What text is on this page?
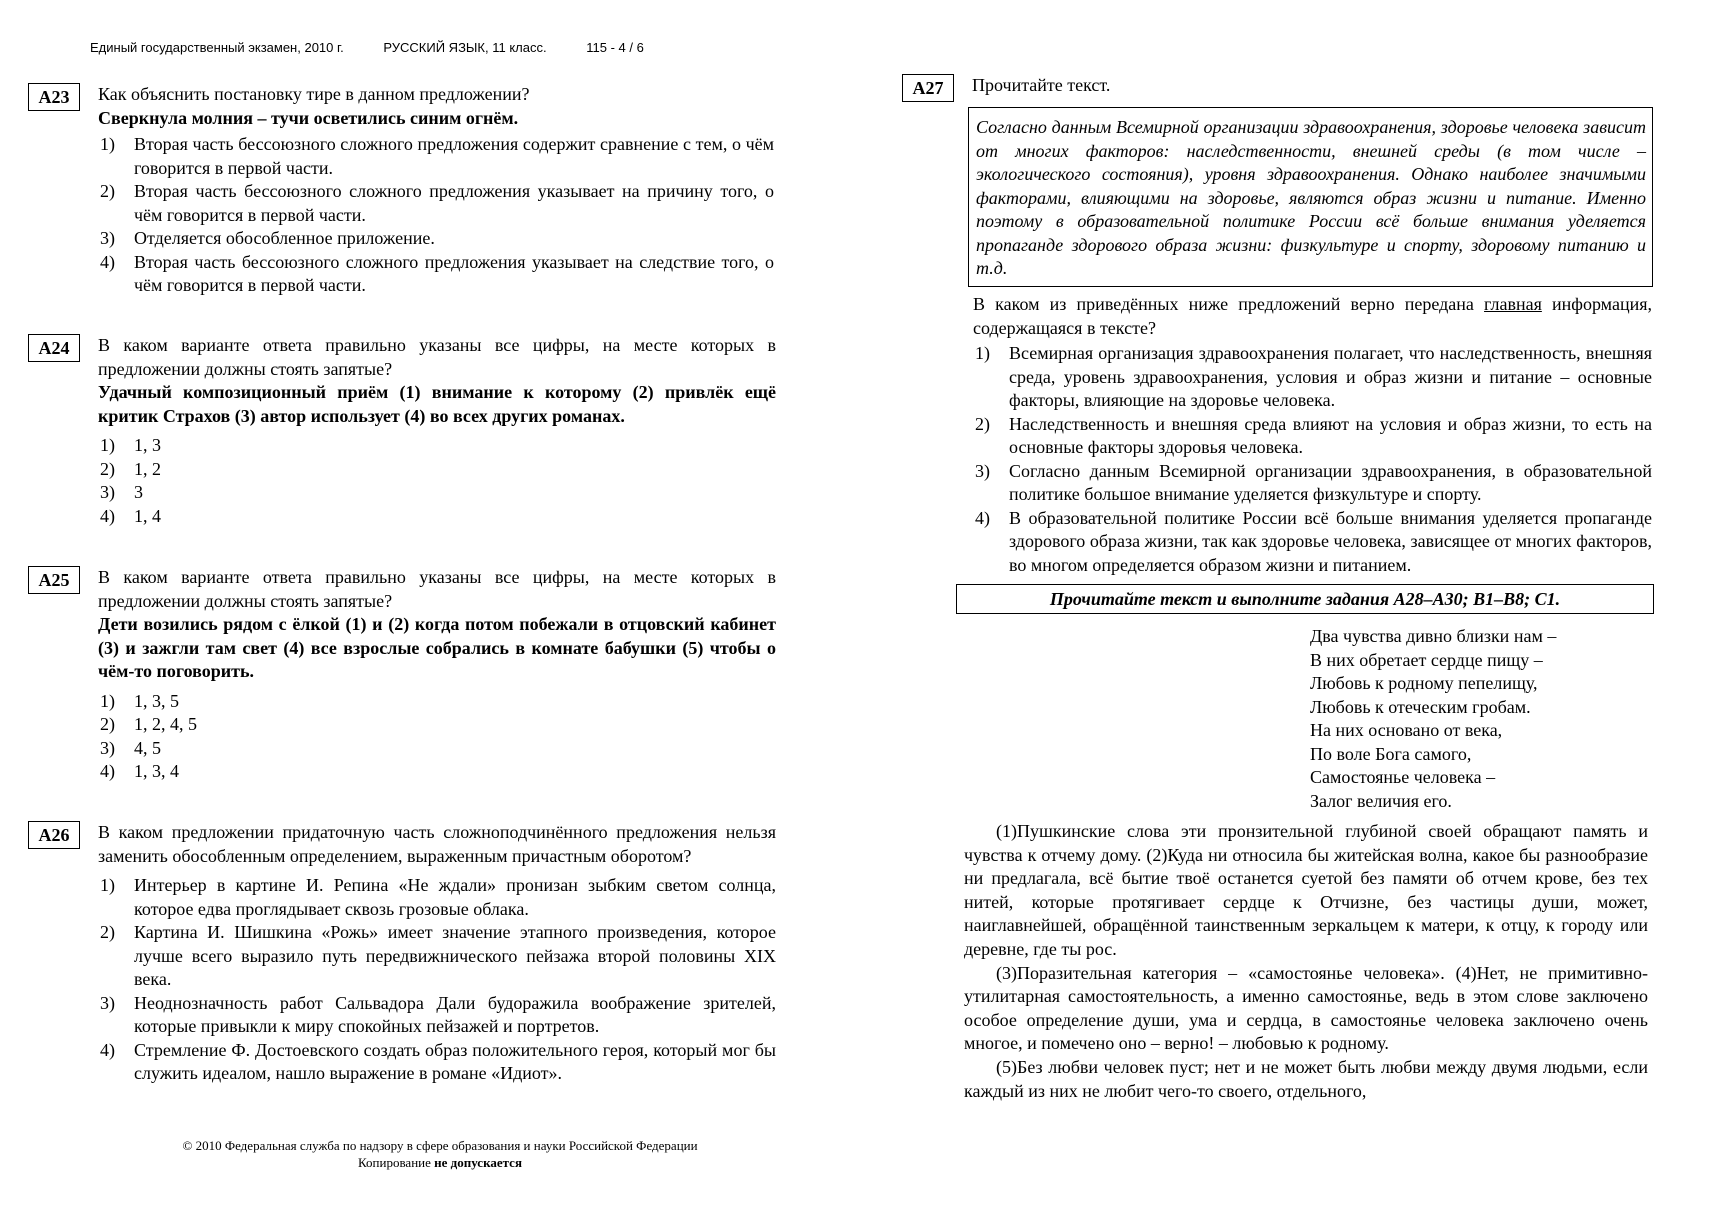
Единый государственный экзамен, 2010 г.	РУССКИЙ ЯЗЫК, 11 класс.	115 - 4 / 6
А23	Как объяснить постановку тире в данном предложении?

Сверкнула молния – тучи осветились синим огнём.

1) Вторая часть бессоюзного сложного предложения содержит сравнение с тем, о чём говорится в первой части.
2) Вторая часть бессоюзного сложного предложения указывает на причину того, о чём говорится в первой части.
3) Отделяется обособленное приложение.
4) Вторая часть бессоюзного сложного предложения указывает на следствие того, о чём говорится в первой части.
А24	В каком варианте ответа правильно указаны все цифры, на месте которых в предложении должны стоять запятые?

Удачный композиционный приём (1) внимание к которому (2) привлёк ещё критик Страхов (3) автор использует (4) во всех других романах.

1) 1, 3
2) 1, 2
3) 3
4) 1, 4
А25	В каком варианте ответа правильно указаны все цифры, на месте которых в предложении должны стоять запятые?

Дети возились рядом с ёлкой (1) и (2) когда потом побежали в отцовский кабинет (3) и зажгли там свет (4) все взрослые собрались в комнате бабушки (5) чтобы о чём-то поговорить.

1) 1, 3, 5
2) 1, 2, 4, 5
3) 4, 5
4) 1, 3, 4
А26	В каком предложении придаточную часть сложноподчинённого предложения нельзя заменить обособленным определением, выраженным причастным оборотом?

1) Интерьер в картине И. Репина «Не ждали» пронизан зыбким светом солнца, которое едва проглядывает сквозь грозовые облака.
2) Картина И. Шишкина «Рожь» имеет значение этапного произведения, которое лучше всего выразило путь передвижнического пейзажа второй половины XIX века.
3) Неоднозначность работ Сальвадора Дали будоражила воображение зрителей, которые привыкли к миру спокойных пейзажей и портретов.
4) Стремление Ф. Достоевского создать образ положительного героя, который мог бы служить идеалом, нашло выражение в романе «Идиот».
© 2010 Федеральная служба по надзору в сфере образования и науки Российской Федерации
Копирование не допускается
А27	Прочитайте текст.
Согласно данным Всемирной организации здравоохранения, здоровье человека зависит от многих факторов: наследственности, внешней среды (в том числе – экологического состояния), уровня здравоохранения. Однако наиболее значимыми факторами, влияющими на здоровье, являются образ жизни и питание. Именно поэтому в образовательной политике России всё больше внимания уделяется пропаганде здорового образа жизни: физкультуре и спорту, здоровому питанию и т.д.

В каком из приведённых ниже предложений верно передана главная информация, содержащаяся в тексте?

1) Всемирная организация здравоохранения полагает, что наследственность, внешняя среда, уровень здравоохранения, условия и образ жизни и питание – основные факторы, влияющие на здоровье человека.
2) Наследственность и внешняя среда влияют на условия и образ жизни, то есть на основные факторы здоровья человека.
3) Согласно данным Всемирной организации здравоохранения, в образовательной политике большое внимание уделяется физкультуре и спорту.
4) В образовательной политике России всё больше внимания уделяется пропаганде здорового образа жизни, так как здоровье человека, зависящее от многих факторов, во многом определяется образом жизни и питанием.
Прочитайте текст и выполните задания А28–А30; В1–В8; С1.
Два чувства дивно близки нам –
В них обретает сердце пищу –
Любовь к родному пепелищу,
Любовь к отеческим гробам.
На них основано от века,
По воле Бога самого,
Самостоянье человека –
Залог величия его.

(1)Пушкинские слова эти пронзительной глубиной своей обращают память и чувства к отчему дому. (2)Куда ни относила бы житейская волна, какое бы разнообразие ни предлагала, всё бытие твоё останется суетой без памяти об отчем крове, без тех нитей, которые протягивает сердце к Отчизне, без частицы души, может, наиглавнейшей, обращённой таинственным зеркальцем к матери, к отцу, к городу или деревне, где ты рос.

(3)Поразительная категория – «самостоянье человека». (4)Нет, не примитивно-утилитарная самостоятельность, а именно самостоянье, ведь в этом слове заключено особое определение души, ума и сердца, в самостоянье человека заключено очень многое, и помечено оно – верно! – любовью к родному.

(5)Без любви человек пуст; нет и не может быть любви между двумя людьми, если каждый из них не любит чего-то своего, отдельного,
